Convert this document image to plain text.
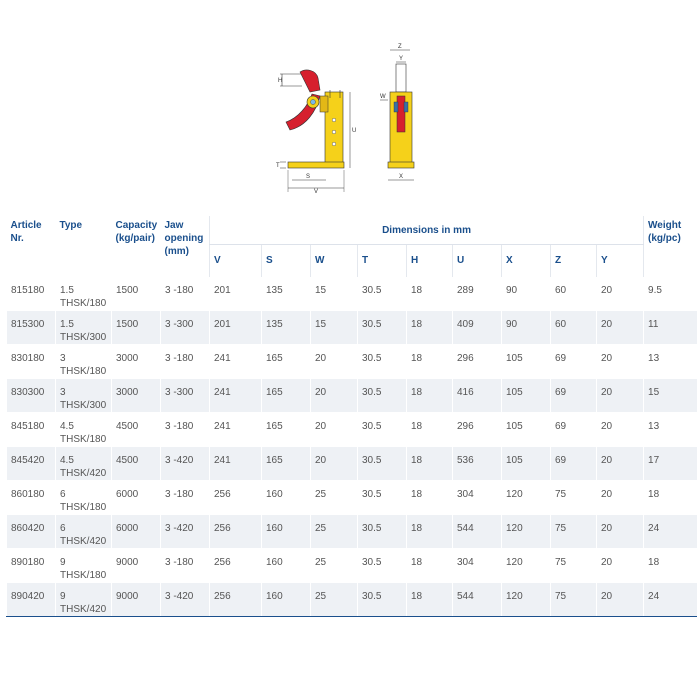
H
T
U
S
V
Z
Y
W
X
Article Nr.	Type	Capacity (kg/pair)	Jaw opening (mm)	Dimensions in mm									Weight (kg/pc)
				V	S	W	T	H	U	X	Z	Y	
815180	1.5 THSK/180	1500	3 -180	201	135	15	30.5	18	289	90	60	20	9.5
815300	1.5 THSK/300	1500	3 -300	201	135	15	30.5	18	409	90	60	20	11
830180	3 THSK/180	3000	3 -180	241	165	20	30.5	18	296	105	69	20	13
830300	3 THSK/300	3000	3 -300	241	165	20	30.5	18	416	105	69	20	15
845180	4.5 THSK/180	4500	3 -180	241	165	20	30.5	18	296	105	69	20	13
845420	4.5 THSK/420	4500	3 -420	241	165	20	30.5	18	536	105	69	20	17
860180	6 THSK/180	6000	3 -180	256	160	25	30.5	18	304	120	75	20	18
860420	6 THSK/420	6000	3 -420	256	160	25	30.5	18	544	120	75	20	24
890180	9 THSK/180	9000	3 -180	256	160	25	30.5	18	304	120	75	20	18
890420	9 THSK/420	9000	3 -420	256	160	25	30.5	18	544	120	75	20	24
